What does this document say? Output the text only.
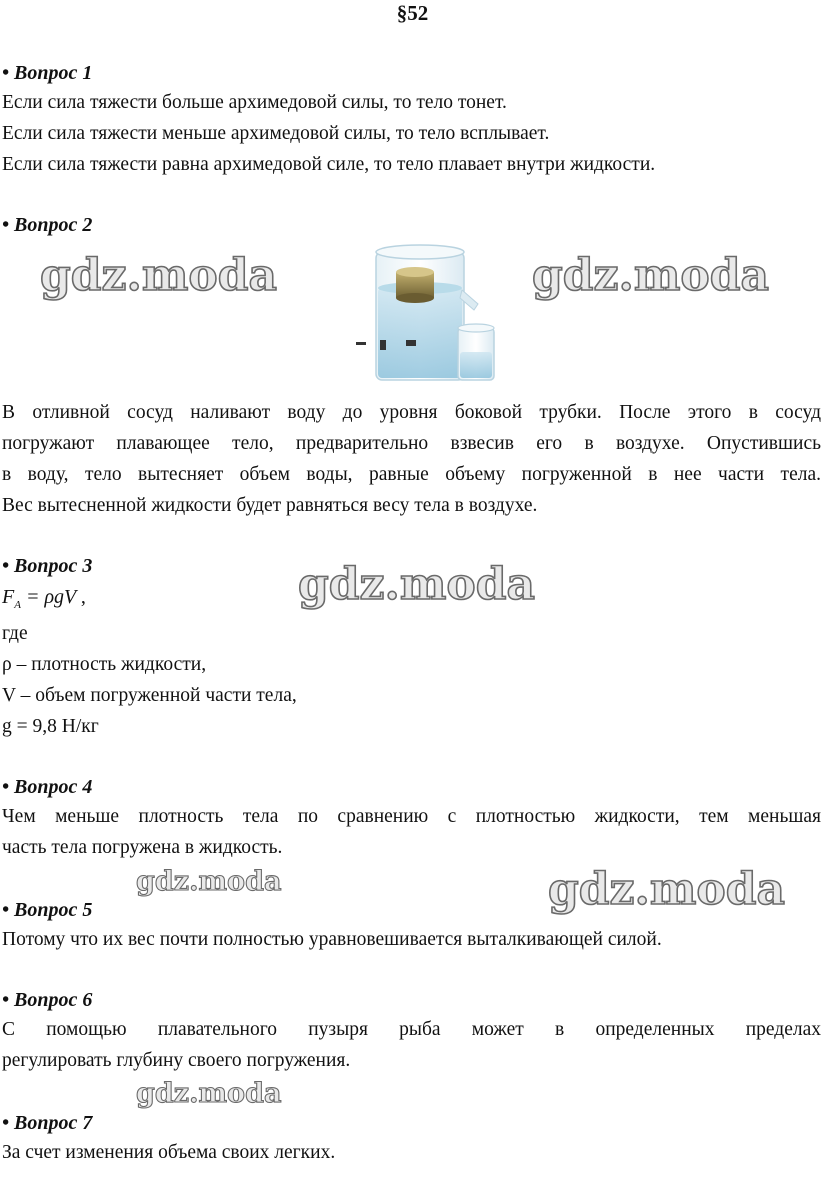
§52
• Вопрос 1
Если сила тяжести больше архимедовой силы, то тело тонет.
Если сила тяжести меньше архимедовой силы, то тело всплывает.
Если сила тяжести равна архимедовой силе, то тело плавает внутри жидкости.
• Вопрос 2
gdz.moda	gdz.moda
В отливной сосуд наливают воду до уровня боковой трубки. После этого в сосуд
погружают плавающее тело, предварительно взвесив его в воздухе. Опустившись
в воду, тело вытесняет объем воды, равные объему погруженной в нее части тела.
Вес вытесненной жидкости будет равняться весу тела в воздухе.
• Вопрос 3	gdz.moda
$F_A = \rho gV$ ,
где
ρ – плотность жидкости,
V – объем погруженной части тела,
g = 9,8 Н/кг
• Вопрос 4
Чем меньше плотность тела по сравнению с плотностью жидкости, тем меньшая
часть тела погружена в жидкость.
gdz.moda	gdz.moda
• Вопрос 5
Потому что их вес почти полностью уравновешивается выталкивающей силой.
• Вопрос 6
С помощью плавательного пузыря рыба может в определенных пределах
регулировать глубину своего погружения.
gdz.moda
• Вопрос 7
За счет изменения объема своих легких.
